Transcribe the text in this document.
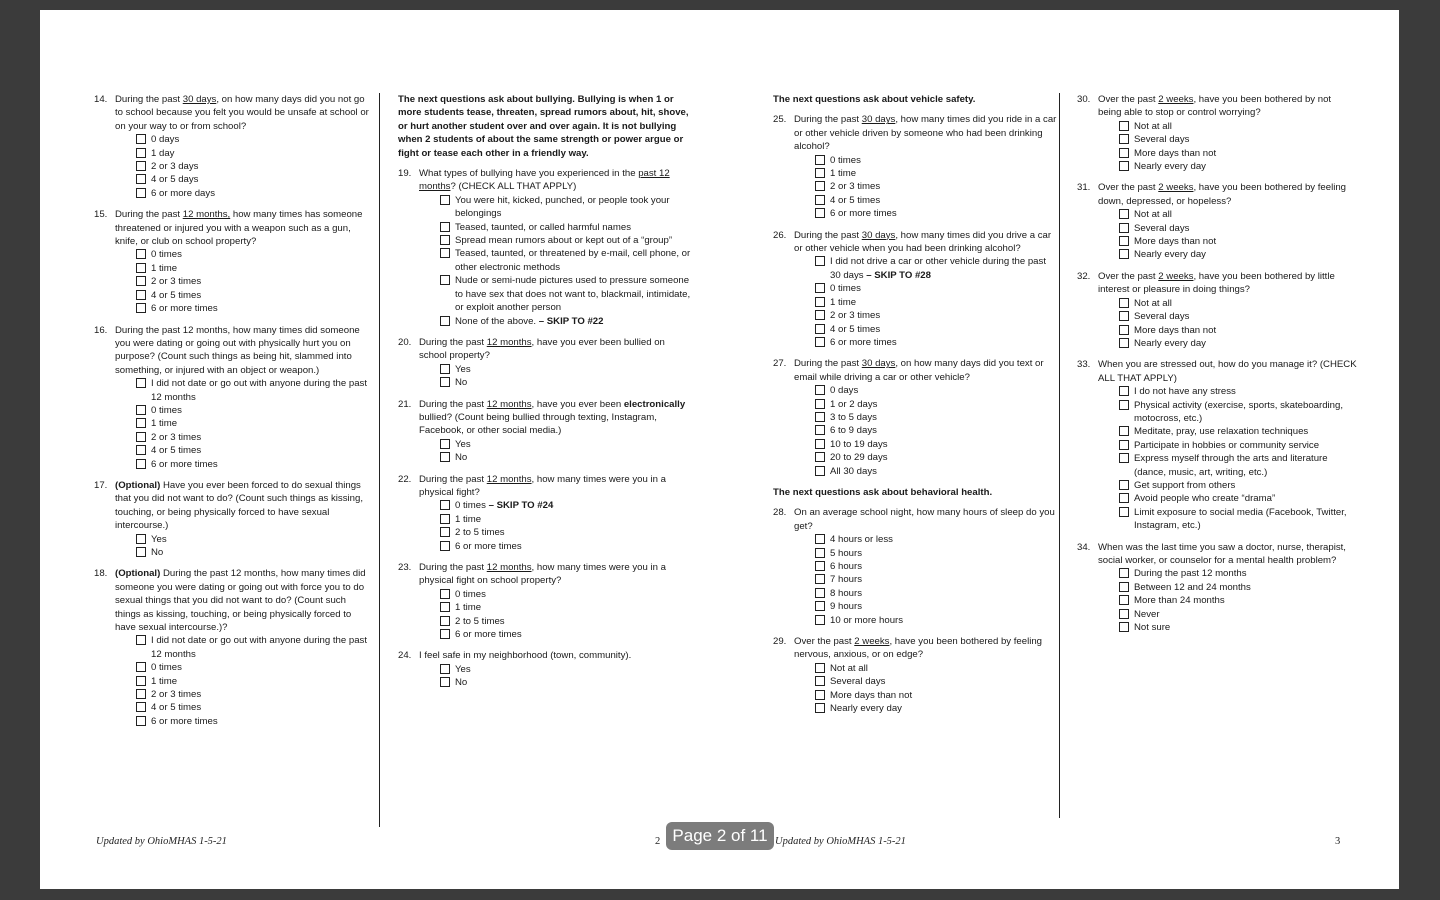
14. During the past 30 days, on how many days did you not go to school because you felt you would be unsafe at school or on your way to or from school?
0 days
1 day
2 or 3 days
4 or 5 days
6 or more days
15. During the past 12 months, how many times has someone threatened or injured you with a weapon such as a gun, knife, or club on school property?
0 times
1 time
2 or 3 times
4 or 5 times
6 or more times
16. During the past 12 months, how many times did someone you were dating or going out with physically hurt you on purpose? (Count such things as being hit, slammed into something, or injured with an object or weapon.)
I did not date or go out with anyone during the past 12 months
0 times
1 time
2 or 3 times
4 or 5 times
6 or more times
17. (Optional) Have you ever been forced to do sexual things that you did not want to do? (Count such things as kissing, touching, or being physically forced to have sexual intercourse.)
Yes
No
18. (Optional) During the past 12 months, how many times did someone you were dating or going out with force you to do sexual things that you did not want to do? (Count such things as kissing, touching, or being physically forced to have sexual intercourse.)?
I did not date or go out with anyone during the past 12 months
0 times
1 time
2 or 3 times
4 or 5 times
6 or more times
The next questions ask about bullying. Bullying is when 1 or more students tease, threaten, spread rumors about, hit, shove, or hurt another student over and over again. It is not bullying when 2 students of about the same strength or power argue or fight or tease each other in a friendly way.
19. What types of bullying have you experienced in the past 12 months? (CHECK ALL THAT APPLY)
You were hit, kicked, punched, or people took your belongings
Teased, taunted, or called harmful names
Spread mean rumors about or kept out of a “group”
Teased, taunted, or threatened by e-mail, cell phone, or other electronic methods
Nude or semi-nude pictures used to pressure someone to have sex that does not want to, blackmail, intimidate, or exploit another person
None of the above. – SKIP TO #22
20. During the past 12 months, have you ever been bullied on school property?
Yes
No
21. During the past 12 months, have you ever been electronically bullied? (Count being bullied through texting, Instagram, Facebook, or other social media.)
Yes
No
22. During the past 12 months, how many times were you in a physical fight?
0 times – SKIP TO #24
1 time
2 to 5 times
6 or more times
23. During the past 12 months, how many times were you in a physical fight on school property?
0 times
1 time
2 to 5 times
6 or more times
24. I feel safe in my neighborhood (town, community).
Yes
No
The next questions ask about vehicle safety.
25. During the past 30 days, how many times did you ride in a car or other vehicle driven by someone who had been drinking alcohol?
0 times
1 time
2 or 3 times
4 or 5 times
6 or more times
26. During the past 30 days, how many times did you drive a car or other vehicle when you had been drinking alcohol?
I did not drive a car or other vehicle during the past 30 days – SKIP TO #28
0 times
1 time
2 or 3 times
4 or 5 times
6 or more times
27. During the past 30 days, on how many days did you text or email while driving a car or other vehicle?
0 days
1 or 2 days
3 to 5 days
6 to 9 days
10 to 19 days
20 to 29 days
All 30 days
The next questions ask about behavioral health.
28. On an average school night, how many hours of sleep do you get?
4 hours or less
5 hours
6 hours
7 hours
8 hours
9 hours
10 or more hours
29. Over the past 2 weeks, have you been bothered by feeling nervous, anxious, or on edge?
Not at all
Several days
More days than not
Nearly every day
30. Over the past 2 weeks, have you been bothered by not being able to stop or control worrying?
Not at all
Several days
More days than not
Nearly every day
31. Over the past 2 weeks, have you been bothered by feeling down, depressed, or hopeless?
Not at all
Several days
More days than not
Nearly every day
32. Over the past 2 weeks, have you been bothered by little interest or pleasure in doing things?
Not at all
Several days
More days than not
Nearly every day
33. When you are stressed out, how do you manage it? (CHECK ALL THAT APPLY)
I do not have any stress
Physical activity (exercise, sports, skateboarding, motocross, etc.)
Meditate, pray, use relaxation techniques
Participate in hobbies or community service
Express myself through the arts and literature (dance, music, art, writing, etc.)
Get support from others
Avoid people who create “drama”
Limit exposure to social media (Facebook, Twitter, Instagram, etc.)
34. When was the last time you saw a doctor, nurse, therapist, social worker, or counselor for a mental health problem?
During the past 12 months
Between 12 and 24 months
More than 24 months
Never
Not sure
Updated by OhioMHAS 1-5-21	2	Updated by OhioMHAS 1-5-21	3
Page 2 of 11
